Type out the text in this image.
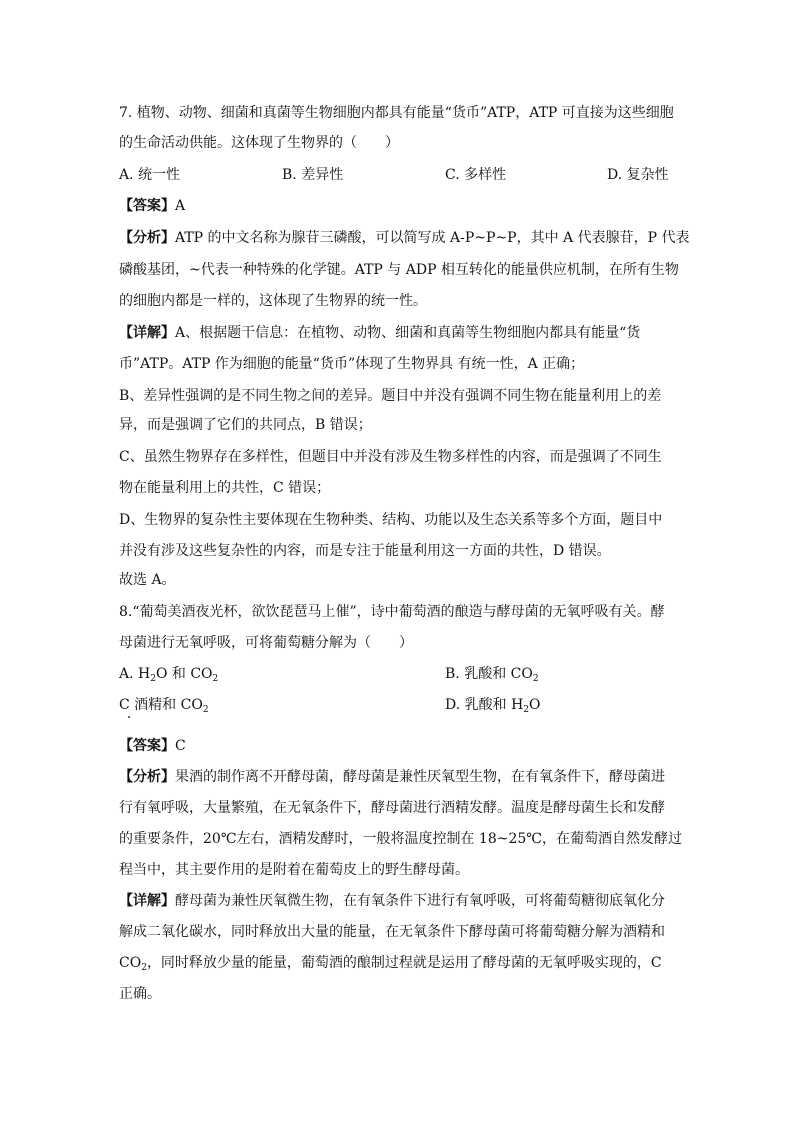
7. 植物、动物、细菌和真菌等生物细胞内都具有能量“货币”ATP，ATP 可直接为这些细胞
的生命活动供能。这体现了生物界的（　　）
A. 统一性	B. 差异性	C. 多样性	D. 复杂性
【答案】A
【分析】ATP 的中文名称为腺苷三磷酸，可以简写成 A-P~P~P，其中 A 代表腺苷，P 代表
磷酸基团，~代表一种特殊的化学键。ATP 与 ADP 相互转化的能量供应机制，在所有生物
的细胞内都是一样的，这体现了生物界的统一性。
【详解】A、根据题干信息：在植物、动物、细菌和真菌等生物细胞内都具有能量“货
币”ATP。ATP 作为细胞的能量“货币”体现了生物界具 有统一性，A 正确；
B、差异性强调的是不同生物之间的差异。题目中并没有强调不同生物在能量利用上的差
异，而是强调了它们的共同点，B 错误；
C、虽然生物界存在多样性，但题目中并没有涉及生物多样性的内容，而是强调了不同生
物在能量利用上的共性，C 错误；
D、生物界的复杂性主要体现在生物种类、结构、功能以及生态关系等多个方面，题目中
并没有涉及这些复杂性的内容，而是专注于能量利用这一方面的共性，D 错误。
故选 A。
8.“葡萄美酒夜光杯，欲饮琵琶马上催”，诗中葡萄酒的酿造与酵母菌的无氧呼吸有关。酵
母菌进行无氧呼吸，可将葡萄糖分解为（　　）
A. $H_2O$ 和 $CO_2$	B. 乳酸和 $CO_2$
C 酒精和 $CO_2$	D. 乳酸和 $H_2O$
【答案】C
【分析】果酒的制作离不开酵母菌，酵母菌是兼性厌氧型生物，在有氧条件下，酵母菌进
行有氧呼吸，大量繁殖，在无氧条件下，酵母菌进行酒精发酵。温度是酵母菌生长和发酵
的重要条件，20℃左右，酒精发酵时，一般将温度控制在 18~25℃，在葡萄酒自然发酵过
程当中，其主要作用的是附着在葡萄皮上的野生酵母菌。
【详解】酵母菌为兼性厌氧微生物，在有氧条件下进行有氧呼吸，可将葡萄糖彻底氧化分
解成二氧化碳水，同时释放出大量的能量，在无氧条件下酵母菌可将葡萄糖分解为酒精和
$CO_2$，同时释放少量的能量，葡萄酒的酿制过程就是运用了酵母菌的无氧呼吸实现的，C
正确。
